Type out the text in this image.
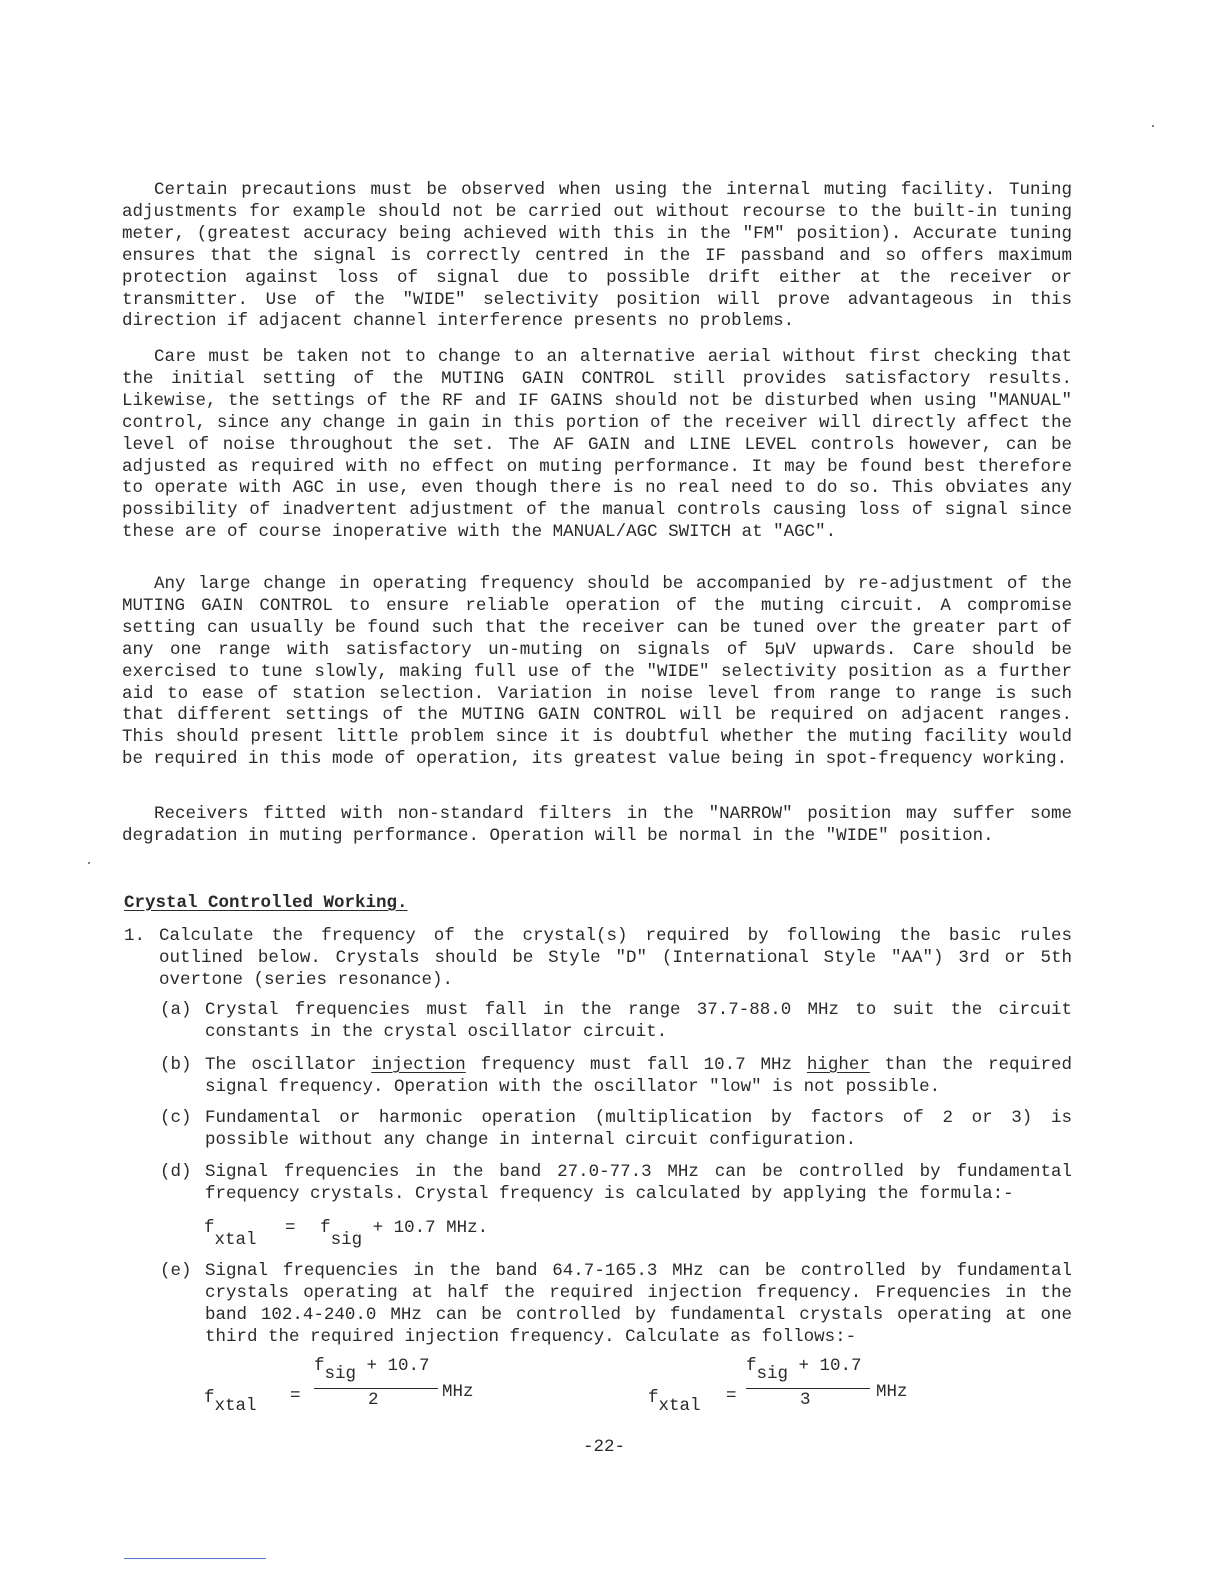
Certain precautions must be observed when using the internal muting facility. Tuning adjustments for example should not be carried out without recourse to the built-in tuning meter, (greatest accuracy being achieved with this in the "FM" position). Accurate tuning ensures that the signal is correctly centred in the IF passband and so offers maximum protection against loss of signal due to possible drift either at the receiver or transmitter. Use of the "WIDE" selectivity position will prove advantageous in this direction if adjacent channel interference presents no problems.

Care must be taken not to change to an alternative aerial without first checking that the initial setting of the MUTING GAIN CONTROL still provides satisfactory results. Likewise, the settings of the RF and IF GAINS should not be disturbed when using "MANUAL" control, since any change in gain in this portion of the receiver will directly affect the level of noise throughout the set. The AF GAIN and LINE LEVEL controls however, can be adjusted as required with no effect on muting performance. It may be found best therefore to operate with AGC in use, even though there is no real need to do so. This obviates any possibility of inadvertent adjustment of the manual controls causing loss of signal since these are of course inoperative with the MANUAL/AGC SWITCH at "AGC".

Any large change in operating frequency should be accompanied by re-adjustment of the MUTING GAIN CONTROL to ensure reliable operation of the muting circuit. A compromise setting can usually be found such that the receiver can be tuned over the greater part of any one range with satisfactory un-muting on signals of 5µV upwards. Care should be exercised to tune slowly, making full use of the "WIDE" selectivity position as a further aid to ease of station selection. Variation in noise level from range to range is such that different settings of the MUTING GAIN CONTROL will be required on adjacent ranges. This should present little problem since it is doubtful whether the muting facility would be required in this mode of operation, its greatest value being in spot-frequency working.

Receivers fitted with non-standard filters in the "NARROW" position may suffer some degradation in muting performance. Operation will be normal in the "WIDE" position.

Crystal Controlled Working.
1. Calculate the frequency of the crystal(s) required by following the basic rules outlined below. Crystals should be Style "D" (International Style "AA") 3rd or 5th overtone (series resonance).
(a) Crystal frequencies must fall in the range 37.7-88.0 MHz to suit the circuit constants in the crystal oscillator circuit.
(b) The oscillator injection frequency must fall 10.7 MHz higher than the required signal frequency. Operation with the oscillator "low" is not possible.
(c) Fundamental or harmonic operation (multiplication by factors of 2 or 3) is possible without any change in internal circuit configuration.
(d) Signal frequencies in the band 27.0-77.3 MHz can be controlled by fundamental frequency crystals. Crystal frequency is calculated by applying the formula:-
fxtal = fsig + 10.7 MHz.
(e) Signal frequencies in the band 64.7-165.3 MHz can be controlled by fundamental crystals operating at half the required injection frequency. Frequencies in the band 102.4-240.0 MHz can be controlled by fundamental crystals operating at one third the required injection frequency. Calculate as follows:-
fxtal =
fsig + 10.7
2	MHz	fxtal =
fsig + 10.7
3	MHz
-22-
